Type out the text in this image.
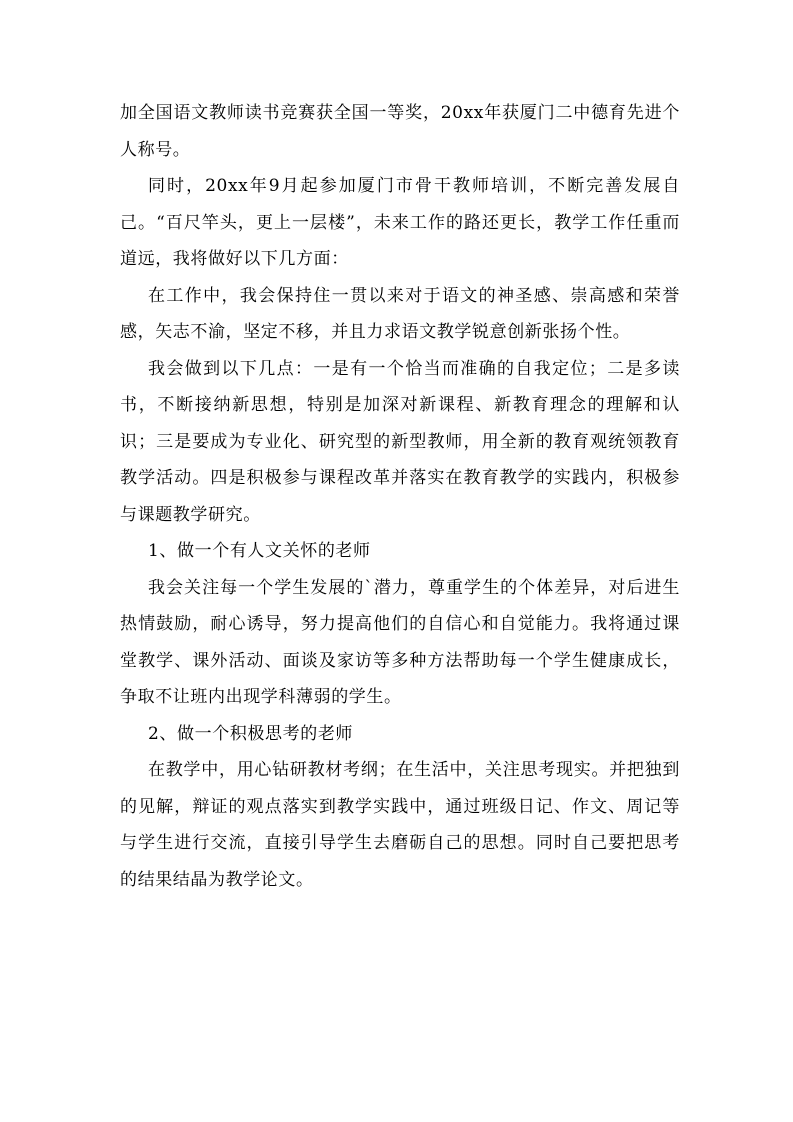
加全国语文教师读书竞赛获全国一等奖，20xx年获厦门二中德育先进个人称号。

同时，20xx年9月起参加厦门市骨干教师培训，不断完善发展自己。“百尺竿头，更上一层楼”，未来工作的路还更长，教学工作任重而道远，我将做好以下几方面：

在工作中，我会保持住一贯以来对于语文的神圣感、崇高感和荣誉感，矢志不渝，坚定不移，并且力求语文教学锐意创新张扬个性。

我会做到以下几点：一是有一个恰当而准确的自我定位；二是多读书，不断接纳新思想，特别是加深对新课程、新教育理念的理解和认识；三是要成为专业化、研究型的新型教师，用全新的教育观统领教育教学活动。四是积极参与课程改革并落实在教育教学的实践内，积极参与课题教学研究。

1、做一个有人文关怀的老师

我会关注每一个学生发展的`潜力，尊重学生的个体差异，对后进生热情鼓励，耐心诱导，努力提高他们的自信心和自觉能力。我将通过课堂教学、课外活动、面谈及家访等多种方法帮助每一个学生健康成长，争取不让班内出现学科薄弱的学生。

2、做一个积极思考的老师

在教学中，用心钻研教材考纲；在生活中，关注思考现实。并把独到的见解，辩证的观点落实到教学实践中，通过班级日记、作文、周记等与学生进行交流，直接引导学生去磨砺自己的思想。同时自己要把思考的结果结晶为教学论文。
